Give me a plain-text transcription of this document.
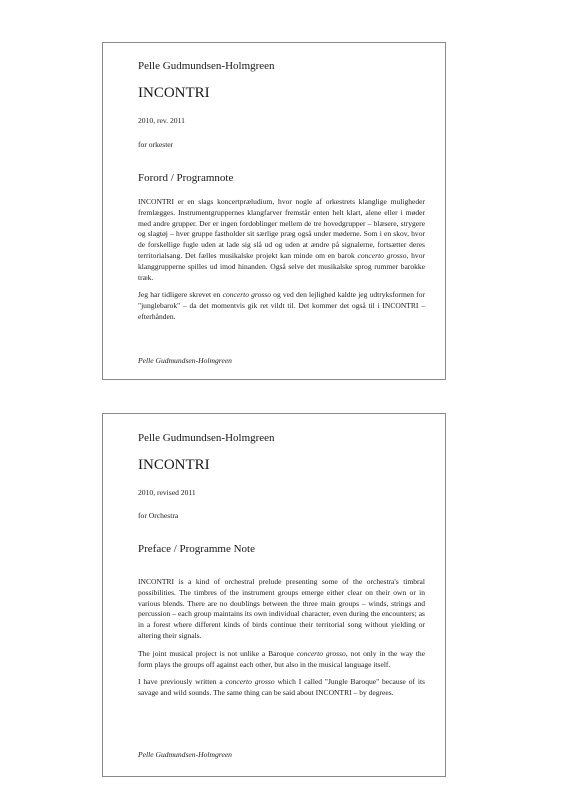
Pelle Gudmundsen-Holmgreen
INCONTRI
2010, rev. 2011
for orkester
Forord / Programnote

INCONTRI er en slags koncertpræludium, hvor nogle af orkestrets klanglige muligheder fremlægges. Instrumentgruppernes klangfarver fremstår enten helt klart, alene eller i møder med andre grupper. Der er ingen fordoblinger mellem de tre hovedgrupper – blæsere, strygere og slagtøj – hver gruppe fastholder sit særlige præg også under møderne. Som i en skov, hvor de forskellige fugle uden at lade sig slå ud og uden at ændre på signalerne, fortsætter deres territorialsang. Det fælles musikalske projekt kan minde om en barok concerto grosso, hvor klanggrupperne spilles ud imod hinanden. Også selve det musikalske sprog rummer barokke træk.

Jeg har tidligere skrevet en concerto grosso og ved den lejlighed kaldte jeg udtryksformen for "junglebarok" – da det momentvis gik ret vildt til. Det kommer det også til i INCONTRI – efterhånden.

Pelle Gudmundsen-Holmgreen
Pelle Gudmundsen-Holmgreen
INCONTRI
2010, revised 2011
for Orchestra
Preface / Programme Note

INCONTRI is a kind of orchestral prelude presenting some of the orchestra's timbral possibilities. The timbres of the instrument groups emerge either clear on their own or in various blends. There are no doublings between the three main groups – winds, strings and percussion – each group maintains its own individual character, even during the encounters; as in a forest where different kinds of birds continue their territorial song without yielding or altering their signals.

The joint musical project is not unlike a Baroque concerto grosso, not only in the way the form plays the groups off against each other, but also in the musical language itself.

I have previously written a concerto grosso which I called "Jungle Baroque" because of its savage and wild sounds. The same thing can be said about INCONTRI – by degrees.

Pelle Gudmundsen-Holmgreen
